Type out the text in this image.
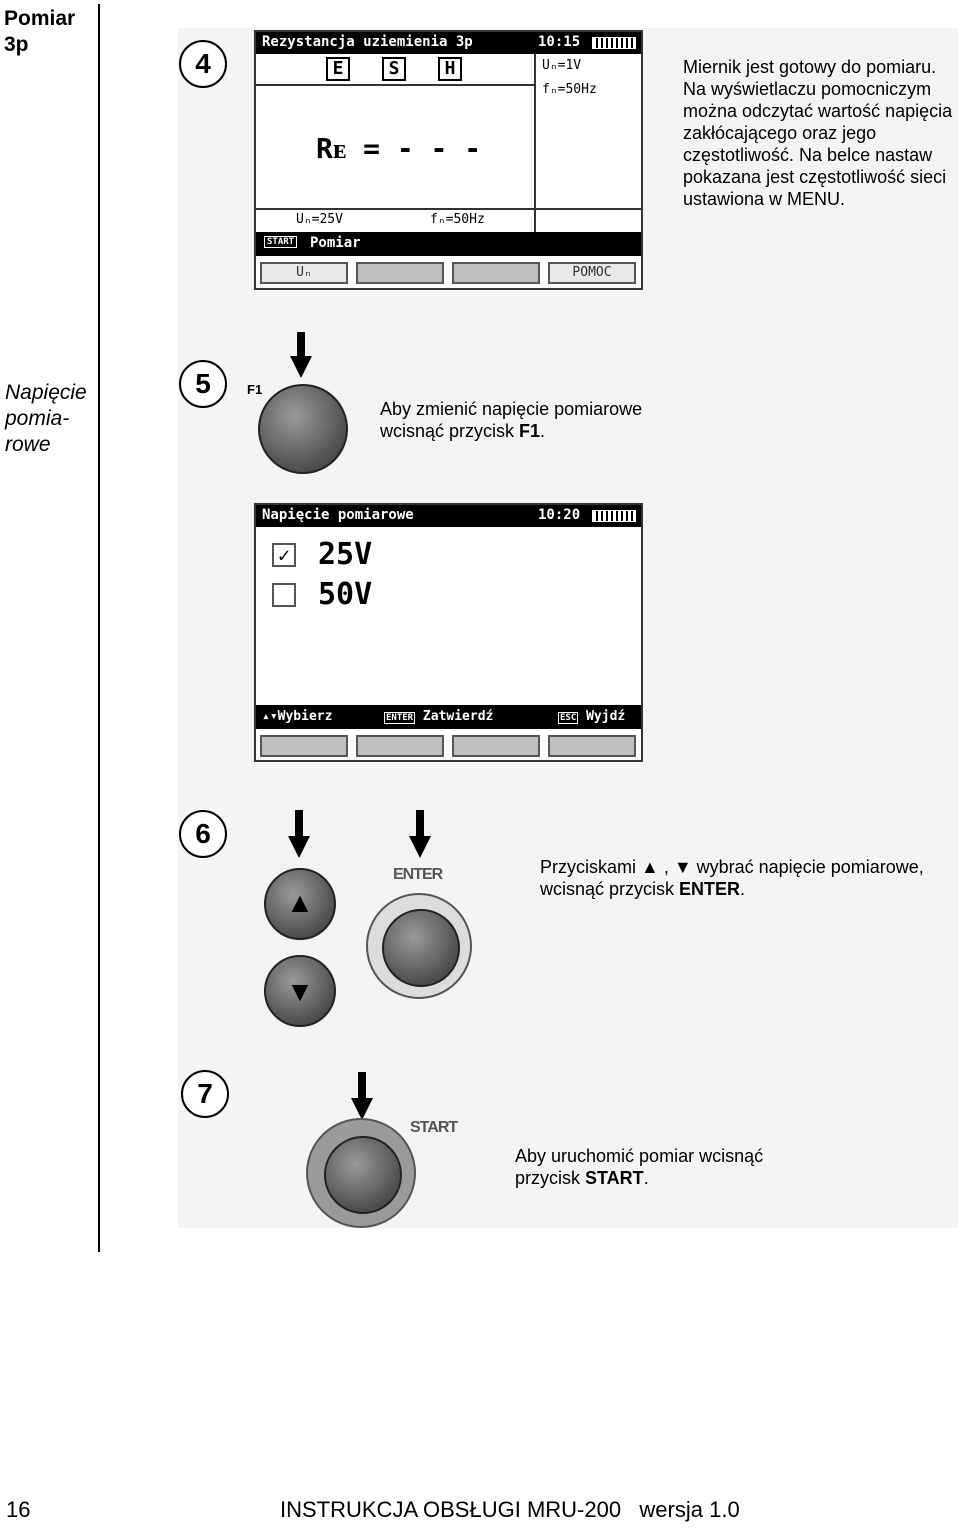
Pomiar
3p
Napięcie
pomia-
rowe
4
Rezystancja uziemienia 3p	10:15
E	S	H	Uₙ=1V
fₙ=50Hz
Rᴇ = - - -
Uₙ=25V	fₙ=50Hz
START Pomiar
Uₙ	POMOC
Miernik jest gotowy do pomiaru. Na wyświetlaczu pomocniczym można odczytać wartość napięcia zakłócającego oraz jego częstotliwość. Na belce nastaw pokazana jest częstotliwość sieci ustawiona w MENU.
5	F1
Aby zmienić napięcie pomiarowe wcisnąć przycisk F1.
Napięcie pomiarowe	10:20
✓ 25V
50V
▴▾Wybierz	ENTER Zatwierdź	ESC Wyjdź
6
▲
▼
ENTER	Przyciskami ▲ , ▼ wybrać napięcie pomiarowe, wcisnąć przycisk ENTER.
7
START
Aby uruchomić pomiar wcisnąć przycisk START.
16	INSTRUKCJA OBSŁUGI MRU-200   wersja 1.0
